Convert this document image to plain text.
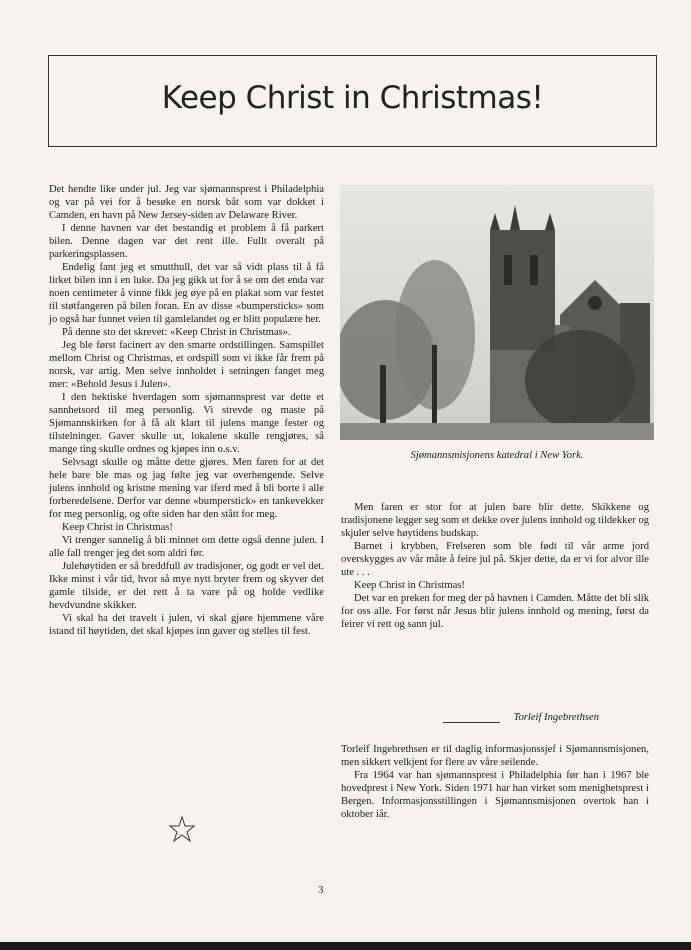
Keep Christ in Christmas!

Det hendte like under jul. Jeg var sjømannsprest i Philadelphia og var på vei for å besøke en norsk båt som var dokket i Camden, en havn på New Jersey-siden av Delaware River.

I denne havnen var det bestandig et problem å få parkert bilen. Denne dagen var det rent ille. Fullt overalt på parkeringsplassen.

Endelig fant jeg et smutthull, det var så vidt plass til å få lirket bilen inn i en luke. Da jeg gikk ut for å se om det enda var noen centimeter å vinne fikk jeg øye på en plakat som var festet til støtfangeren på bilen foran. En av disse «bumpersticks» som jo også har funnet veien til gamlelandet og er blitt populære her.

På denne sto det skrevet: «Keep Christ in Christmas».

Jeg ble først facinert av den smarte ordstillingen. Samspillet mellom Christ og Christmas, et ordspill som vi ikke får frem på norsk, var artig. Men selve innholdet i setningen fanget meg mer: «Behold Jesus i Julen».

I den hektiske hverdagen som sjømannsprest var dette et sannhetsord til meg personlig. Vi strevde og maste på Sjømannskirken for å få alt klart til julens mange fester og tilstelninger. Gaver skulle ut, lokalene skulle rengjøres, så mange ting skulle ordnes og kjøpes inn o.s.v.

Selvsagt skulle og måtte dette gjøres. Men faren for at det hele bare ble mas og jag følte jeg var overhengende. Selve julens innhold og kristne mening var iferd med å bli borte i alle forberedelsene. Derfor var denne «bumperstick» en tankevekker for meg personlig, og ofte siden har den stått for meg.

Keep Christ in Christmas!

Vi trenger sannelig å bli minnet om dette også denne julen. I alle fall trenger jeg det som aldri før.

Julehøytiden er så breddfull av tradisjoner, og godt er vel det. Ikke minst i vår tid, hvor så mye nytt bryter frem og skyver det gamle tilside, er det rett å ta vare på og holde vedlike hevdvundne skikker.

Vi skal ha det travelt i julen, vi skal gjøre hjemmene våre istand til høytiden, det skal kjøpes inn gaver og stelles til fest.

Sjømannsmisjonens katedral i New York.

Men faren er stor for at julen bare blir dette. Skikkene og tradisjonene legger seg som et dekke over julens innhold og tildekker og skjuler selve høytidens budskap.

Barnet i krybben, Frelseren som ble født til vår arme jord overskygges av vår måte å feire jul på. Skjer dette, da er vi for alvor ille ute . . .

Keep Christ in Christmas!

Det var en preken for meg der på havnen i Camden. Måtte det bli slik for oss alle. For først når Jesus blir julens innhold og mening, først da feirer vi rett og sann jul.

Torleif Ingebrethsen

Torleif Ingebrethsen er til daglig informasjonssjef i Sjømannsmisjonen, men sikkert velkjent for flere av våre seilende.

Fra 1964 var han sjømannsprest i Philadelphia før han i 1967 ble hovedprest i New York. Siden 1971 har han virket som menighetsprest i Bergen. Informasjonsstillingen i Sjømannsmisjonen overtok han i oktober iår.

3
